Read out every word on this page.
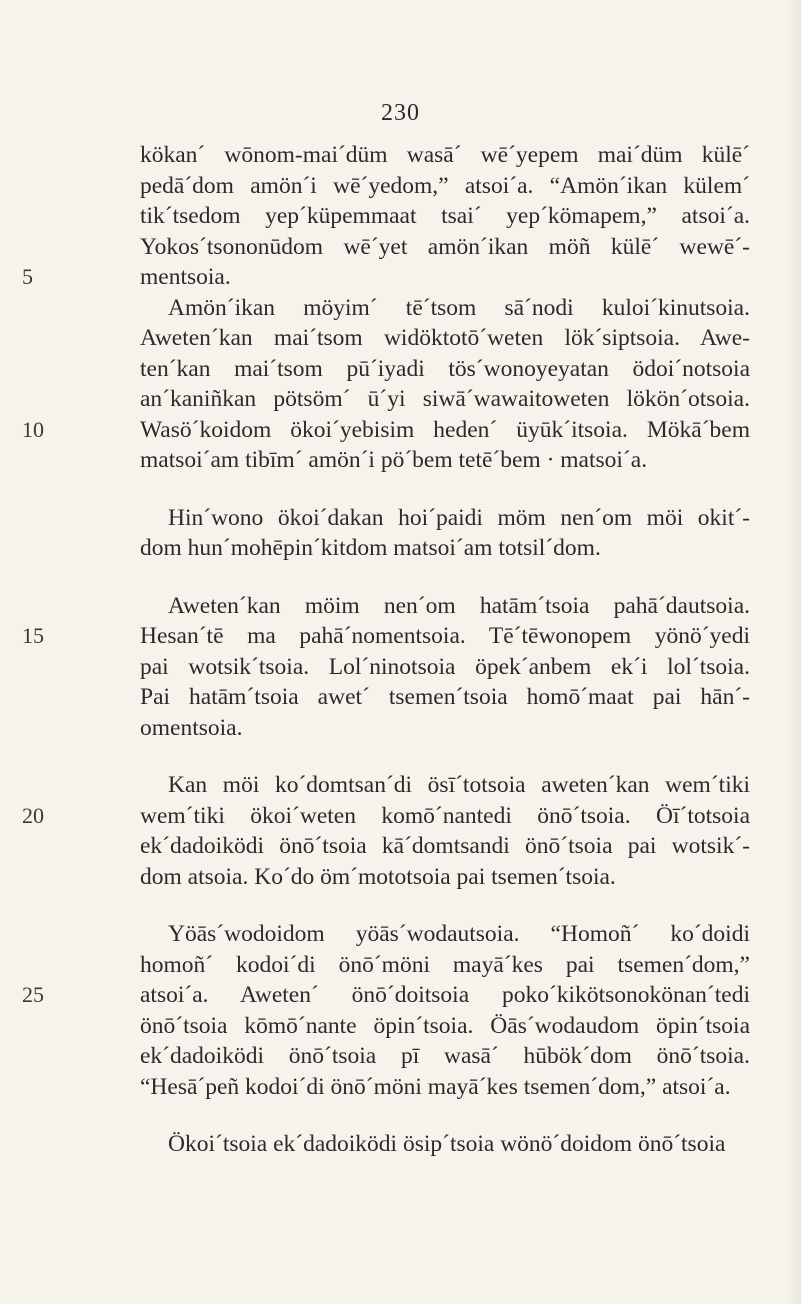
230
kökan´ wōnom-mai´düm wasā´ wē´yepem mai´düm külē´
pedā´dom amön´i wē´yedom,” atsoi´a. “Amön´ikan külem´
tik´tsedom yep´küpemmaat tsai´ yep´kömapem,” atsoi´a.
Yokos´tsononūdom wē´yet amön´ikan möñ külē´ wewē´-
5	mentsoia.
Amön´ikan möyim´ tē´tsom sā´nodi kuloi´kinutsoia.
Aweten´kan mai´tsom widöktotō´weten lök´siptsoia. Awe-
ten´kan mai´tsom pū´iyadi tös´wonoyeyatan ödoi´notsoia
an´kaniñkan pötsöm´ ū´yi siwā´wawaitoweten lökön´otsoia.
10	Wasö´koidom ökoi´yebisim heden´ üyūk´itsoia. Mökā´bem
matsoi´am tibīm´ amön´i pö´bem tetē´bem · matsoi´a.
Hin´wono ökoi´dakan hoi´paidi möm nen´om möi okit´-
dom hun´mohēpin´kitdom matsoi´am totsil´dom.
Aweten´kan möim nen´om hatām´tsoia pahā´dautsoia.
15	Hesan´tē ma pahā´nomentsoia. Tē´tēwonopem yönö´yedi
pai wotsik´tsoia. Lol´ninotsoia öpek´anbem ek´i lol´tsoia.
Pai hatām´tsoia awet´ tsemen´tsoia homō´maat pai hān´-
omentsoia.
Kan möi ko´domtsan´di ösī´totsoia aweten´kan wem´tiki
20	wem´tiki ökoi´weten komō´nantedi önō´tsoia. Öī´totsoia
ek´dadoiködi önō´tsoia kā´domtsandi önō´tsoia pai wotsik´-
dom atsoia. Ko´do öm´mototsoia pai tsemen´tsoia.
Yöās´wodoidom yöās´wodautsoia. “Homoñ´ ko´doidi
homoñ´ kodoi´di önō´möni mayā´kes pai tsemen´dom,”
25	atsoi´a. Aweten´ önō´doitsoia poko´kikötsonokönan´tedi
önō´tsoia kōmō´nante öpin´tsoia. Öās´wodaudom öpin´tsoia
ek´dadoiködi önō´tsoia pī wasā´ hūbök´dom önō´tsoia.
“Hesā´peñ kodoi´di önō´möni mayā´kes tsemen´dom,” atsoi´a.
Ökoi´tsoia ek´dadoiködi ösip´tsoia wönö´doidom önō´tsoia
